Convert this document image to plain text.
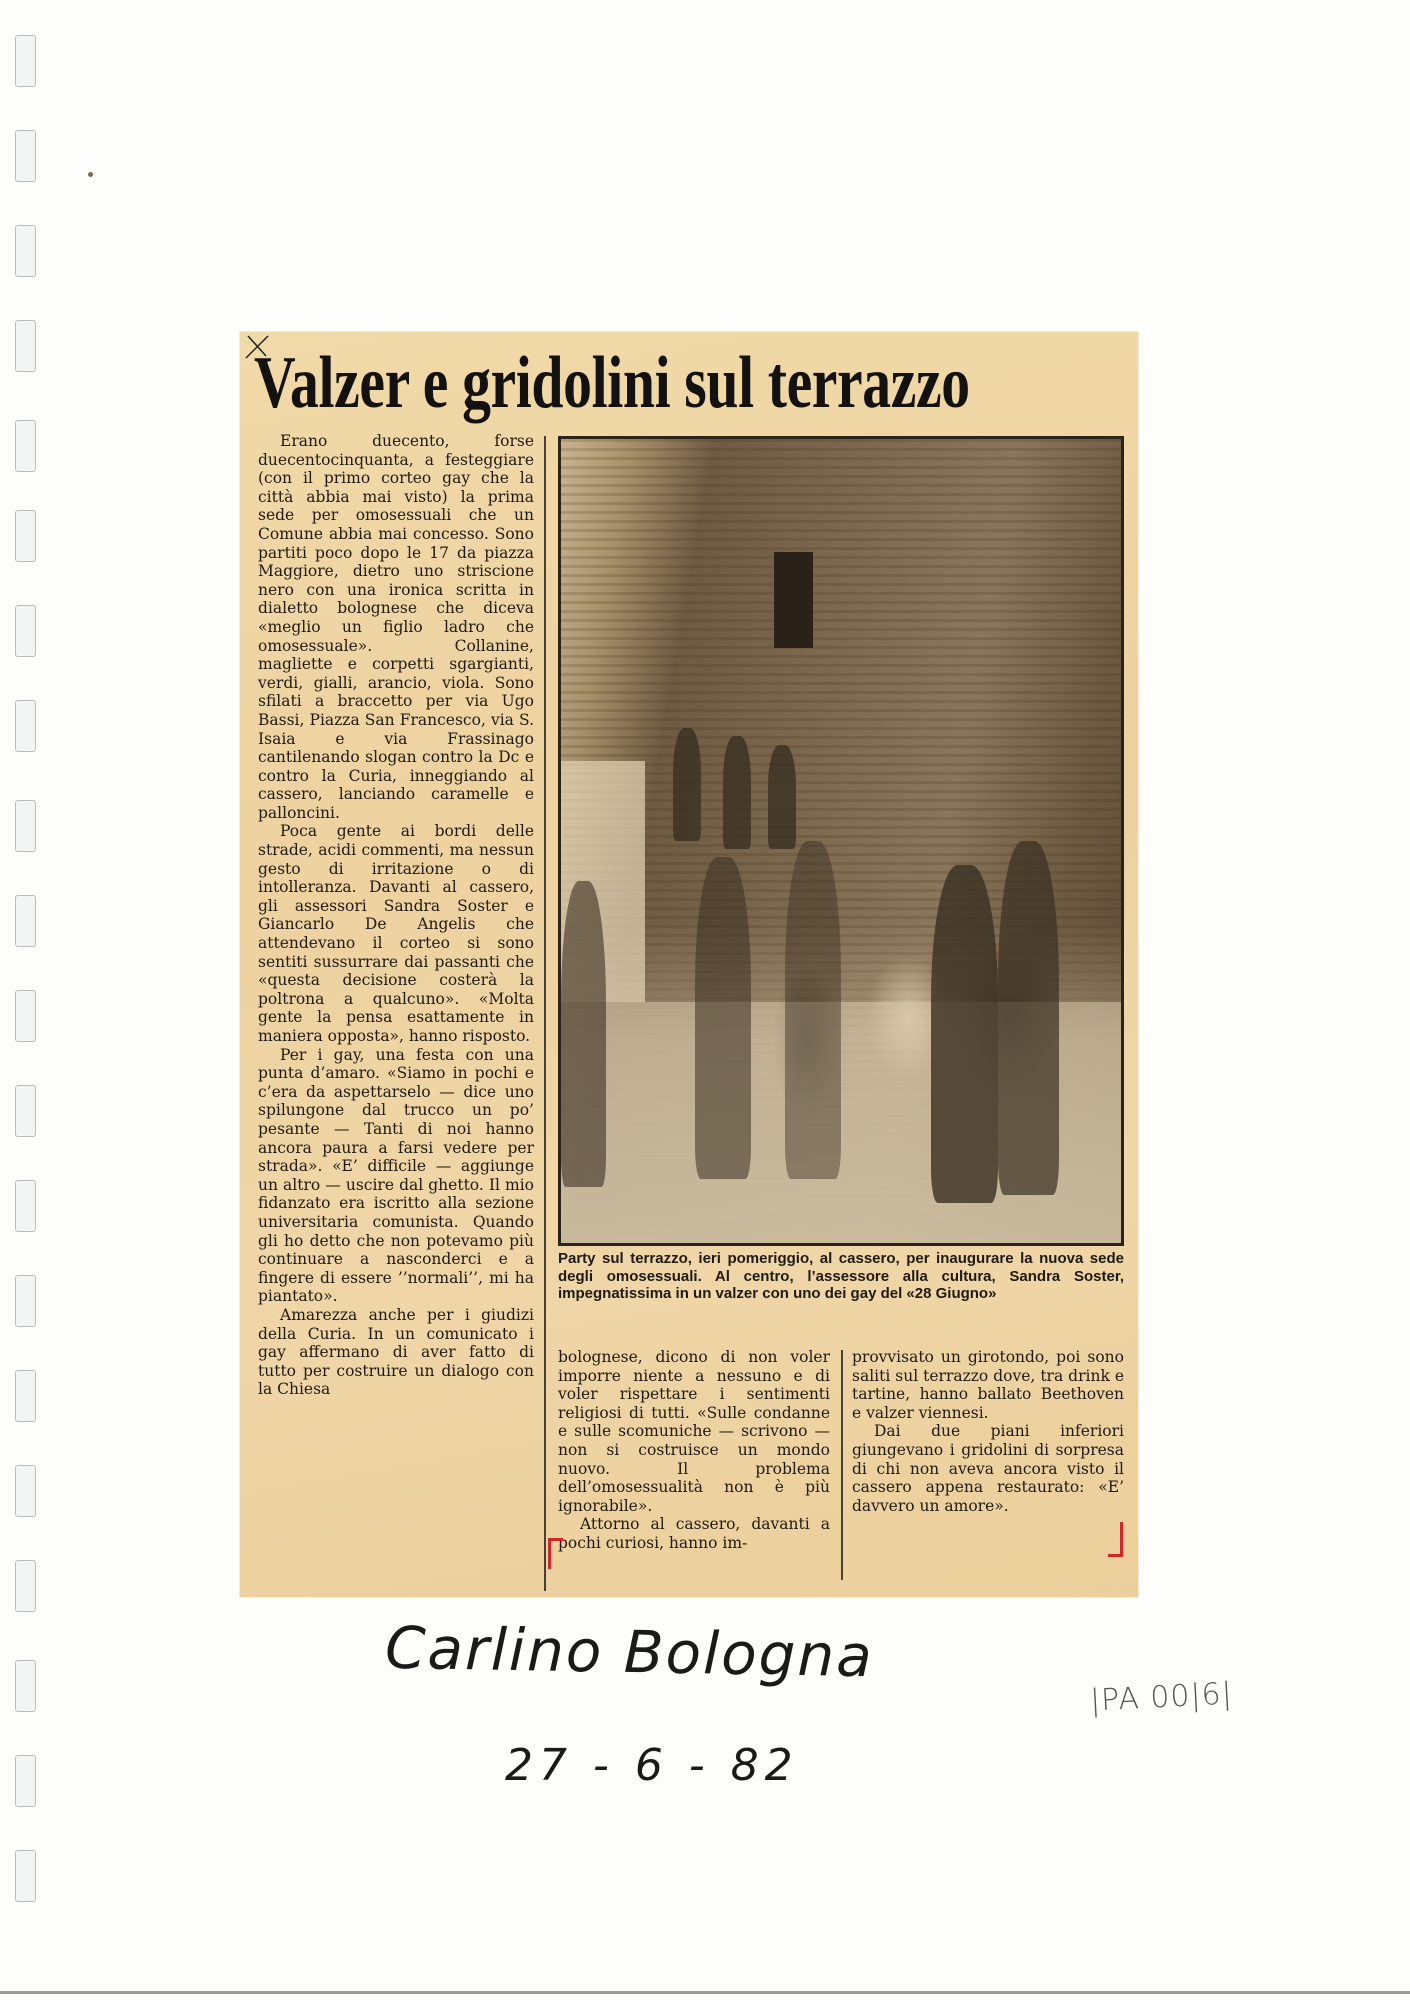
Valzer e gridolini sul terrazzo

Erano duecento, forse duecentocinquanta, a festeggiare (con il primo corteo gay che la città abbia mai visto) la prima sede per omosessuali che un Comune abbia mai concesso. Sono partiti poco dopo le 17 da piazza Maggiore, dietro uno striscione nero con una ironica scritta in dialetto bolognese che diceva «meglio un figlio ladro che omosessuale». Collanine, magliette e corpetti sgargianti, verdi, gialli, arancio, viola. Sono sfilati a braccetto per via Ugo Bassi, Piazza San Francesco, via S. Isaia e via Frassinago cantilenando slogan contro la Dc e contro la Curia, inneggiando al cassero, lanciando caramelle e palloncini.

Poca gente ai bordi delle strade, acidi commenti, ma nessun gesto di irritazione o di intolleranza. Davanti al cassero, gli assessori Sandra Soster e Giancarlo De Angelis che attendevano il corteo si sono sentiti sussurrare dai passanti che «questa decisione costerà la poltrona a qualcuno». «Molta gente la pensa esattamente in maniera opposta», hanno risposto.

Per i gay, una festa con una punta d’amaro. «Siamo in pochi e c’era da aspettarselo — dice uno spilungone dal trucco un po’ pesante — Tanti di noi hanno ancora paura a farsi vedere per strada». «E’ difficile — aggiunge un altro — uscire dal ghetto. Il mio fidanzato era iscritto alla sezione universitaria comunista. Quando gli ho detto che non potevamo più continuare a nasconderci e a fingere di essere ’’normali’’, mi ha piantato».

Amarezza anche per i giudizi della Curia. In un comunicato i gay affermano di aver fatto di tutto per costruire un dialogo con la Chiesa

Party sul terrazzo, ieri pomeriggio, al cassero, per inaugurare la nuova sede degli omosessuali. Al centro, l’assessore alla cultura, Sandra Soster, impegnatissima in un valzer con uno dei gay del «28 Giugno»

bolognese, dicono di non voler imporre niente a nessuno e di voler rispettare i sentimenti religiosi di tutti. «Sulle condanne e sulle scomuniche — scrivono — non si costruisce un mondo nuovo. Il problema dell’omosessualità non è più ignorabile».

Attorno al cassero, davanti a pochi curiosi, hanno im-

provvisato un girotondo, poi sono saliti sul terrazzo dove, tra drink e tartine, hanno ballato Beethoven e valzer viennesi.

Dai due piani inferiori giungevano i gridolini di sorpresa di chi non aveva ancora visto il cassero appena restaurato: «E’ davvero un amore».

Carlino Bologna
27 - 6 - 82
|PA 00|6|
